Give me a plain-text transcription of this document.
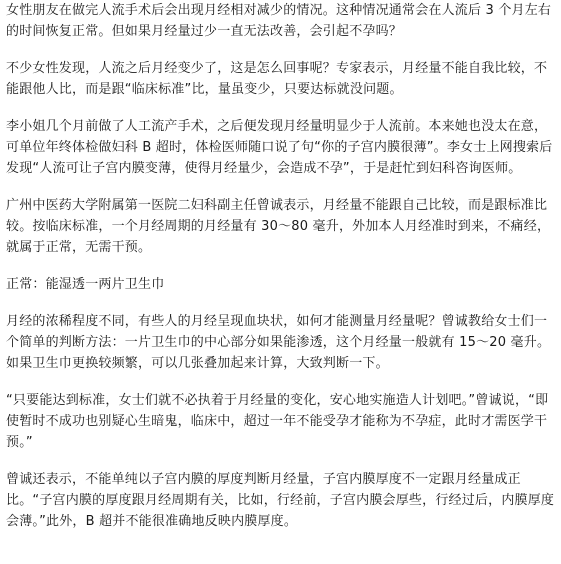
女性朋友在做完人流手术后会出现月经相对减少的情况。这种情况通常会在人流后 3 个月左右的时间恢复正常。但如果月经量过少一直无法改善，会引起不孕吗？

不少女性发现，人流之后月经变少了，这是怎么回事呢？专家表示，月经量不能自我比较，不能跟他人比，而是跟“临床标准”比，量虽变少，只要达标就没问题。

李小姐几个月前做了人工流产手术，之后便发现月经量明显少于人流前。本来她也没太在意，可单位年终体检做妇科 B 超时，体检医师随口说了句“你的子宫内膜很薄”。李女士上网搜索后发现“人流可让子宫内膜变薄，使得月经量少，会造成不孕”，于是赶忙到妇科咨询医师。

广州中医药大学附属第一医院二妇科副主任曾诚表示，月经量不能跟自己比较，而是跟标准比较。按临床标准，一个月经周期的月经量有 30～80 毫升，外加本人月经准时到来，不痛经，就属于正常，无需干预。

正常：能湿透一两片卫生巾

月经的浓稀程度不同，有些人的月经呈现血块状，如何才能测量月经量呢？曾诚教给女士们一个简单的判断方法：一片卫生巾的中心部分如果能渗透，这个月经量一般就有 15～20 毫升。如果卫生巾更换较频繁，可以几张叠加起来计算，大致判断一下。

“只要能达到标准，女士们就不必执着于月经量的变化，安心地实施造人计划吧。”曾诚说，“即使暂时不成功也别疑心生暗鬼，临床中，超过一年不能受孕才能称为不孕症，此时才需医学干预。”

曾诚还表示，不能单纯以子宫内膜的厚度判断月经量，子宫内膜厚度不一定跟月经量成正比。“子宫内膜的厚度跟月经周期有关，比如，行经前，子宫内膜会厚些，行经过后，内膜厚度会薄。”此外，B 超并不能很准确地反映内膜厚度。
